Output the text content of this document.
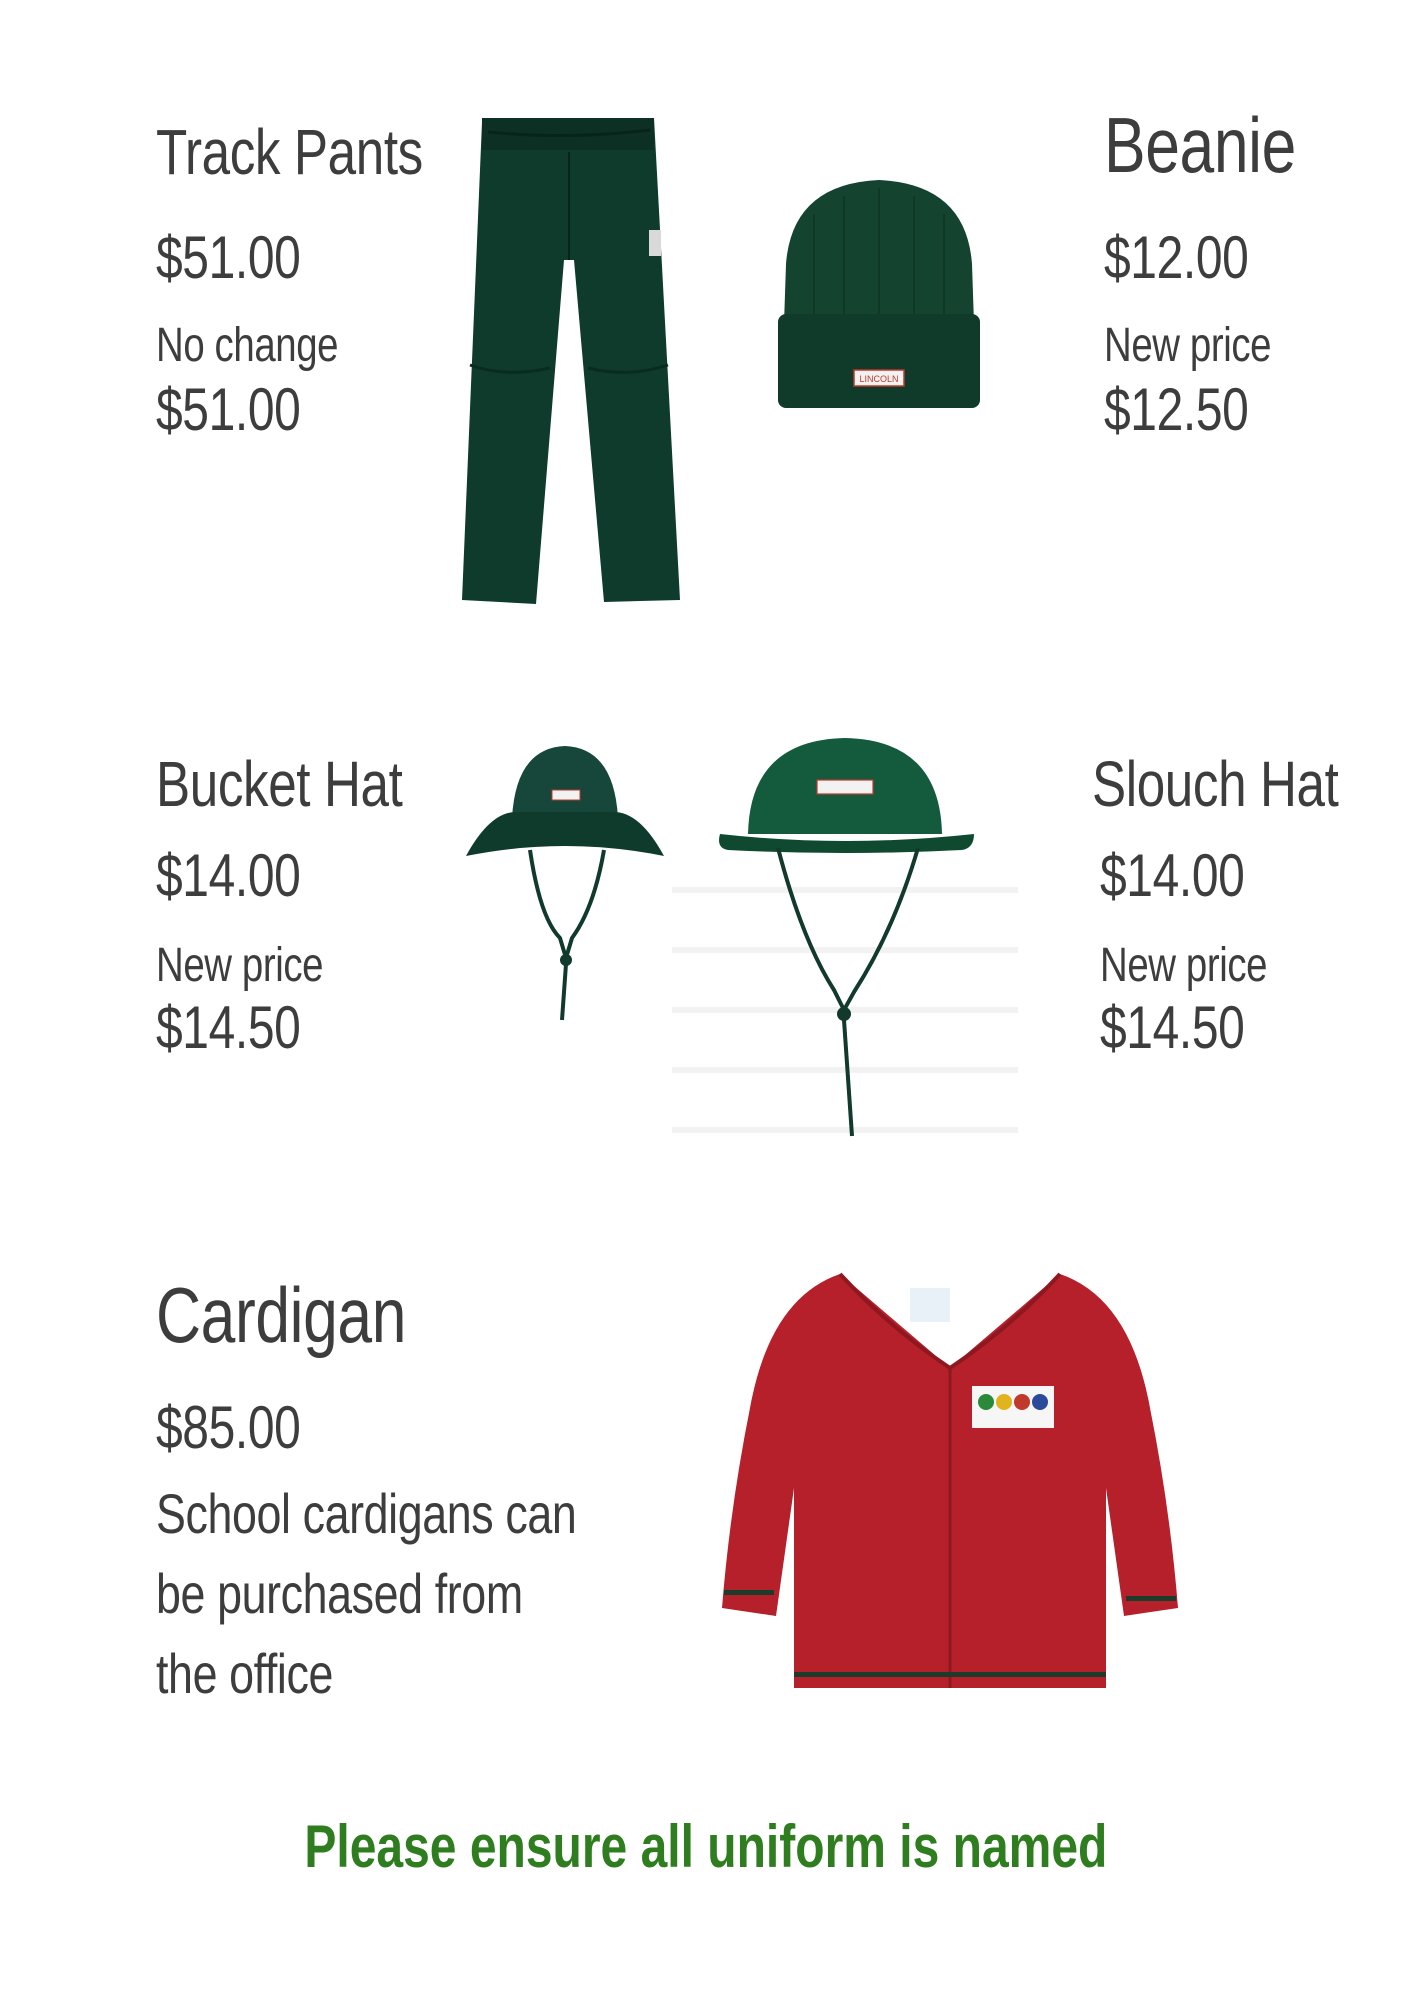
Track Pants
$51.00
No change
$51.00
Beanie
$12.00
New price
$12.50
Bucket Hat
$14.00
New price
$14.50
Slouch Hat
$14.00
New price
$14.50
Cardigan
$85.00
School cardigans can be purchased from the office
Please ensure all uniform is named
LINCOLN
